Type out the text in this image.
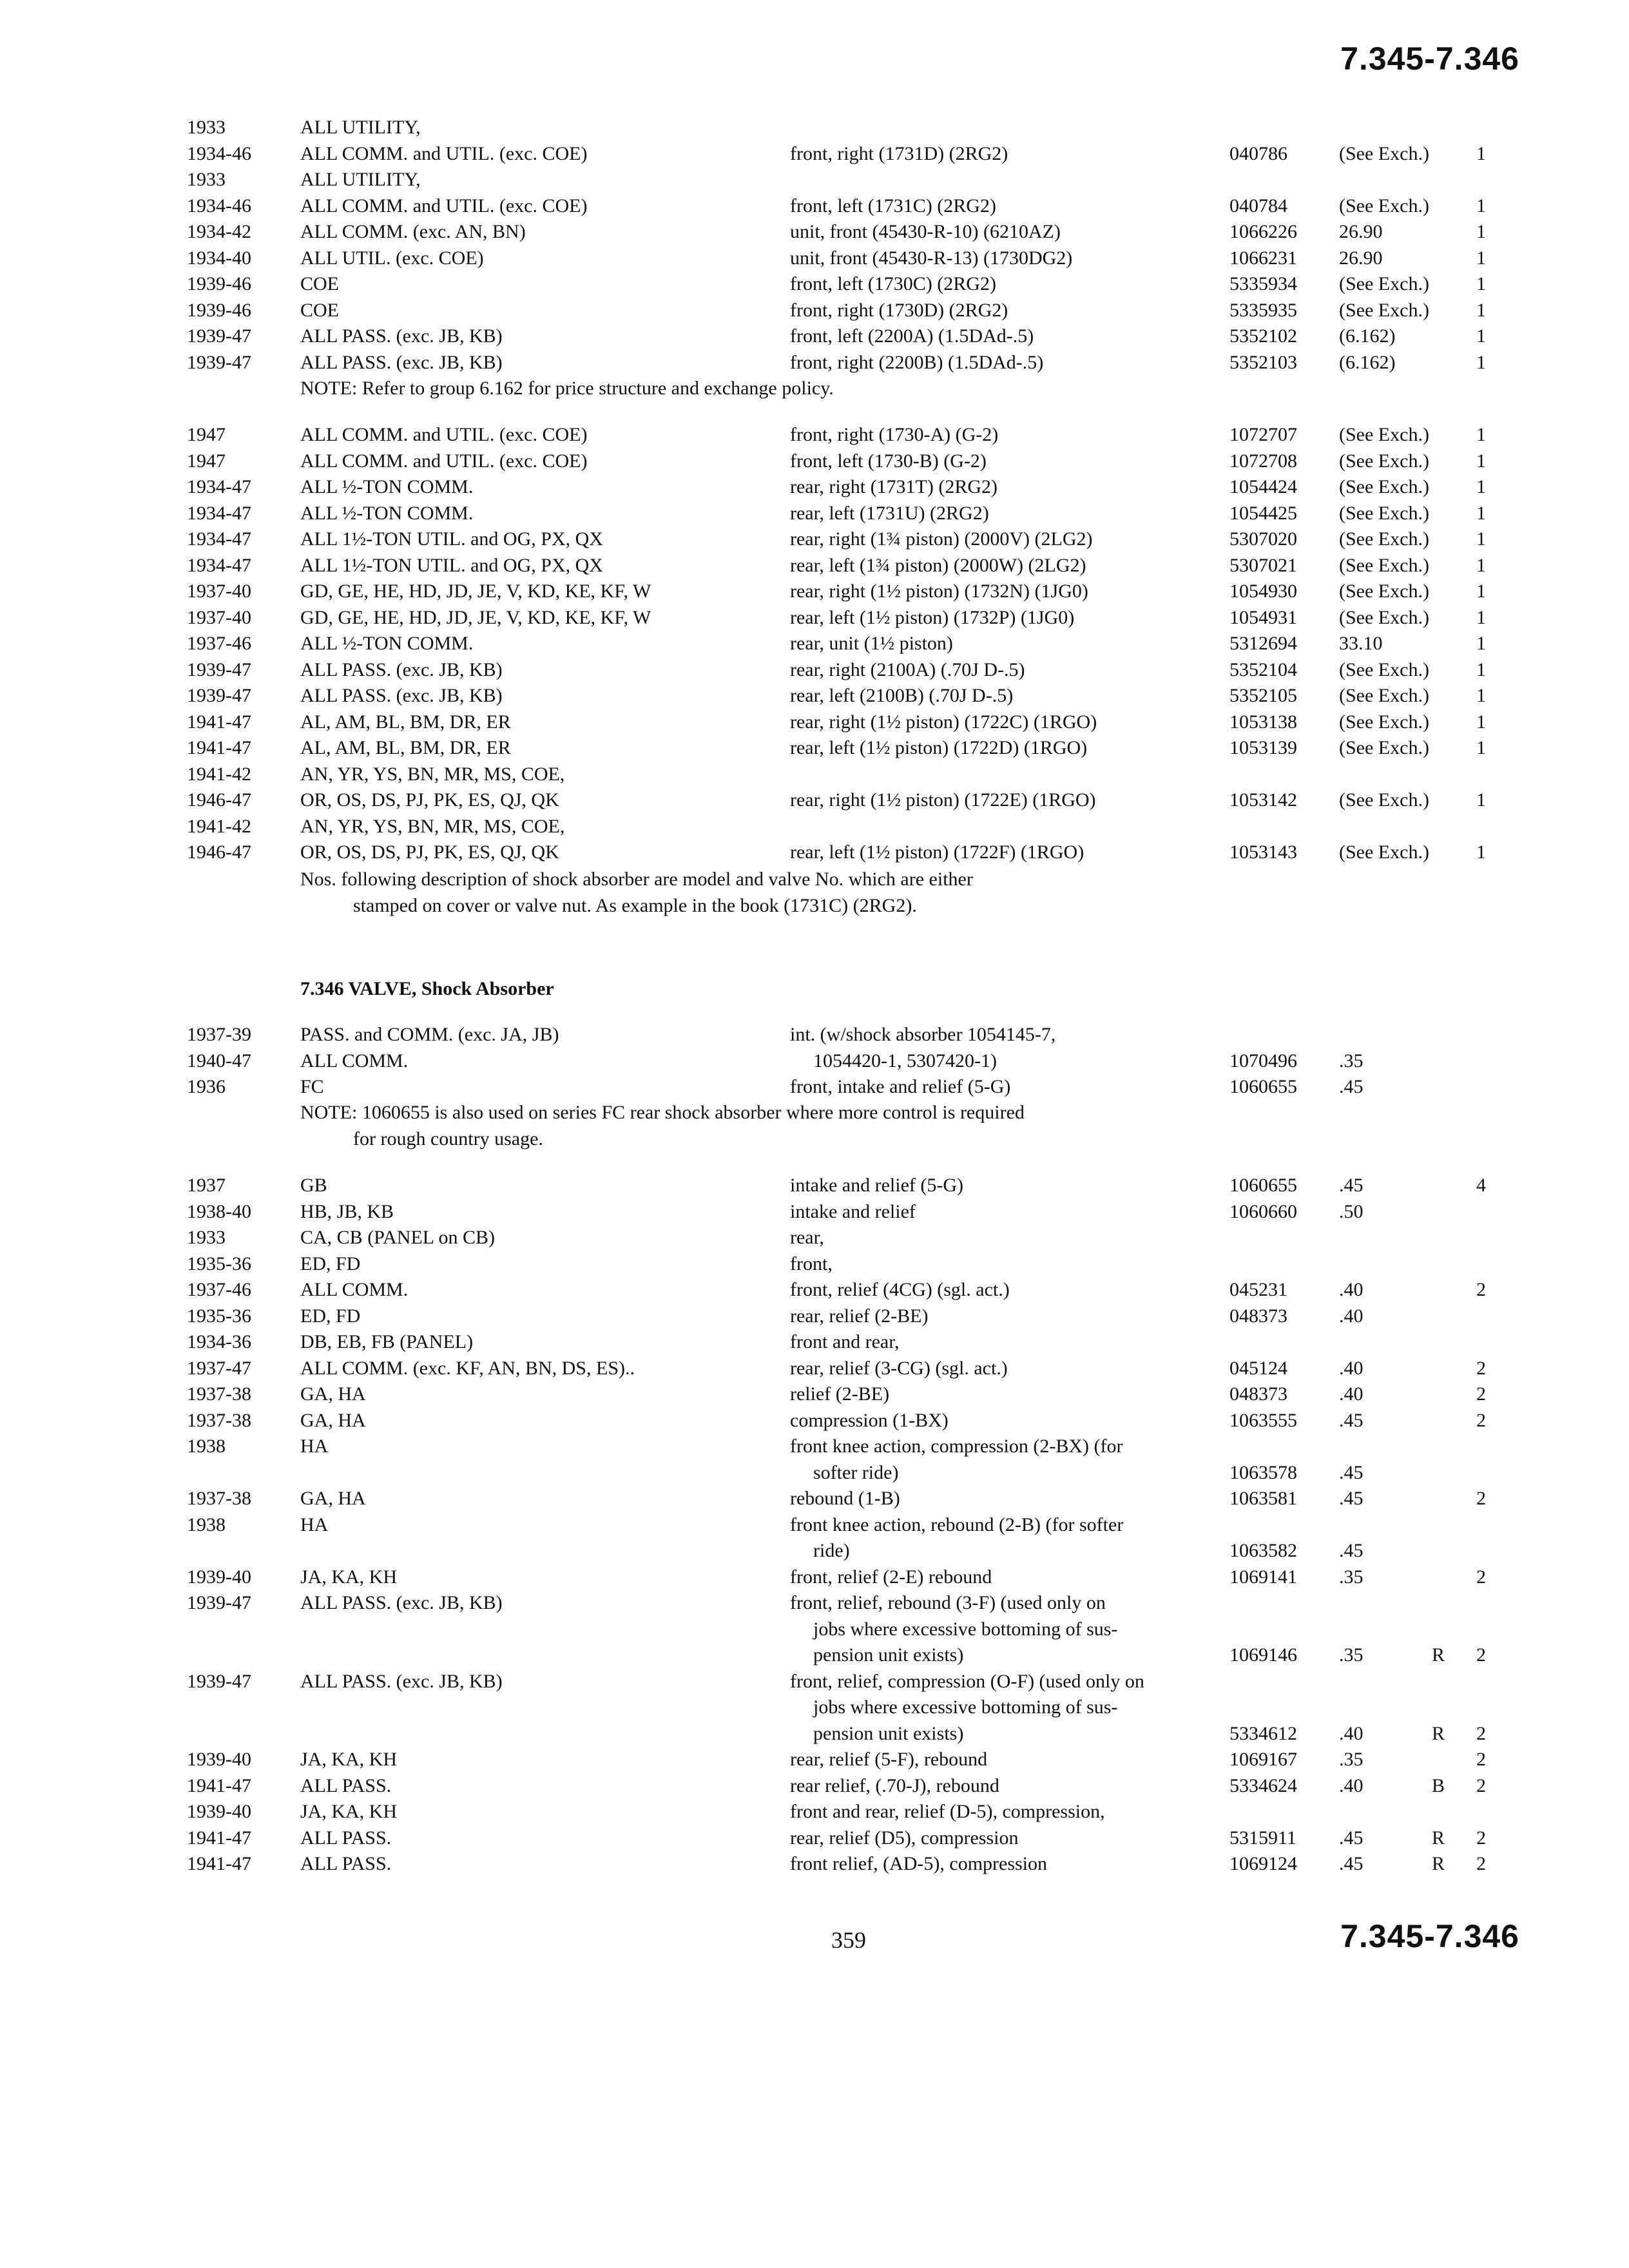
7.345-7.346
1933	ALL UTILITY,
1934-46	ALL COMM. and UTIL. (exc. COE)	front, right (1731D) (2RG2)	040786	(See Exch.) 1
1933	ALL UTILITY,
1934-46	ALL COMM. and UTIL. (exc. COE)	front, left (1731C) (2RG2)	040784	(See Exch.) 1
1934-42	ALL COMM. (exc. AN, BN)	unit, front (45430-R-10) (6210AZ)	1066226 26.90	1
1934-40	ALL UTIL. (exc. COE)	unit, front (45430-R-13) (1730DG2)	1066231 26.90	1
1939-46	COE	front, left (1730C) (2RG2)	5335934 (See Exch.) 1
1939-46	COE	front, right (1730D) (2RG2)	5335935 (See Exch.) 1
1939-47	ALL PASS. (exc. JB, KB)	front, left (2200A) (1.5DAd-.5)	5352102 (6.162)	1
1939-47	ALL PASS. (exc. JB, KB)	front, right (2200B) (1.5DAd-.5)	5352103 (6.162)	1
NOTE: Refer to group 6.162 for price structure and exchange policy.
1947	ALL COMM. and UTIL. (exc. COE)	front, right (1730-A) (G-2)	1072707 (See Exch.) 1
1947	ALL COMM. and UTIL. (exc. COE)	front, left (1730-B) (G-2)	1072708 (See Exch.) 1
1934-47	ALL ½-TON COMM.	rear, right (1731T) (2RG2)	1054424 (See Exch.) 1
1934-47	ALL ½-TON COMM.	rear, left (1731U) (2RG2)	1054425 (See Exch.) 1
1934-47	ALL 1½-TON UTIL. and OG, PX, QX	rear, right (1¾ piston) (2000V) (2LG2)	5307020 (See Exch.) 1
1934-47	ALL 1½-TON UTIL. and OG, PX, QX	rear, left (1¾ piston) (2000W) (2LG2)	5307021 (See Exch.) 1
1937-40	GD, GE, HE, HD, JD, JE, V, KD, KE, KF, W	rear, right (1½ piston) (1732N) (1JG0)	1054930 (See Exch.) 1
1937-40	GD, GE, HE, HD, JD, JE, V, KD, KE, KF, W	rear, left (1½ piston) (1732P) (1JG0)	1054931 (See Exch.) 1
1937-46	ALL ½-TON COMM.	rear, unit (1½ piston)	5312694 33.10	1
1939-47	ALL PASS. (exc. JB, KB)	rear, right (2100A) (.70J D-.5)	5352104 (See Exch.) 1
1939-47	ALL PASS. (exc. JB, KB)	rear, left (2100B) (.70J D-.5)	5352105 (See Exch.) 1
1941-47	AL, AM, BL, BM, DR, ER	rear, right (1½ piston) (1722C) (1RGO)	1053138 (See Exch.) 1
1941-47	AL, AM, BL, BM, DR, ER	rear, left (1½ piston) (1722D) (1RGO)	1053139 (See Exch.) 1
1941-42	AN, YR, YS, BN, MR, MS, COE,
1946-47	OR, OS, DS, PJ, PK, ES, QJ, QK	rear, right (1½ piston) (1722E) (1RGO)	1053142 (See Exch.) 1
1941-42	AN, YR, YS, BN, MR, MS, COE,
1946-47	OR, OS, DS, PJ, PK, ES, QJ, QK	rear, left (1½ piston) (1722F) (1RGO)	1053143 (See Exch.) 1
Nos. following description of shock absorber are model and valve No. which are either
stamped on cover or valve nut. As example in the book (1731C) (2RG2).
7.346 VALVE, Shock Absorber
1937-39	PASS. and COMM. (exc. JA, JB)	int. (w/shock absorber 1054145-7,
1940-47	ALL COMM.	1054420-1, 5307420-1)	1070496 .35
1936	FC	front, intake and relief (5-G)	1060655 .45
NOTE: 1060655 is also used on series FC rear shock absorber where more control is required
for rough country usage.
1937	GB	intake and relief (5-G)	1060655 .45	4
1938-40	HB, JB, KB	intake and relief	1060660 .50
1933	CA, CB (PANEL on CB)	rear,
1935-36	ED, FD	front,
1937-46	ALL COMM.	front, relief (4CG) (sgl. act.)	045231	.40	2
1935-36	ED, FD	rear, relief (2-BE)	048373	.40
1934-36	DB, EB, FB (PANEL)	front and rear,
1937-47	ALL COMM. (exc. KF, AN, BN, DS, ES)..	rear, relief (3-CG) (sgl. act.)	045124	.40	2
1937-38	GA, HA	relief (2-BE)	048373	.40	2
1937-38	GA, HA	compression (1-BX)	1063555 .45	2
1938	HA	front knee action, compression (2-BX) (for
softer ride)	1063578 .45
1937-38	GA, HA	rebound (1-B)	1063581 .45	2
1938	HA	front knee action, rebound (2-B) (for softer
ride)	1063582 .45
1939-40	JA, KA, KH	front, relief (2-E) rebound	1069141 .35	2
1939-47	ALL PASS. (exc. JB, KB)	front, relief, rebound (3-F) (used only on
jobs where excessive bottoming of sus-
pension unit exists)	1069146 .35	R 2
1939-47	ALL PASS. (exc. JB, KB)	front, relief, compression (O-F) (used only on
jobs where excessive bottoming of sus-
pension unit exists)	5334612 .40	R 2
1939-40	JA, KA, KH	rear, relief (5-F), rebound	1069167 .35	2
1941-47	ALL PASS.	rear relief, (.70-J), rebound	5334624 .40	B 2
1939-40	JA, KA, KH	front and rear, relief (D-5), compression,
1941-47	ALL PASS.	rear, relief (D5), compression	5315911 .45	R 2
1941-47	ALL PASS.	front relief, (AD-5), compression	1069124 .45	R 2
359	7.345-7.346
